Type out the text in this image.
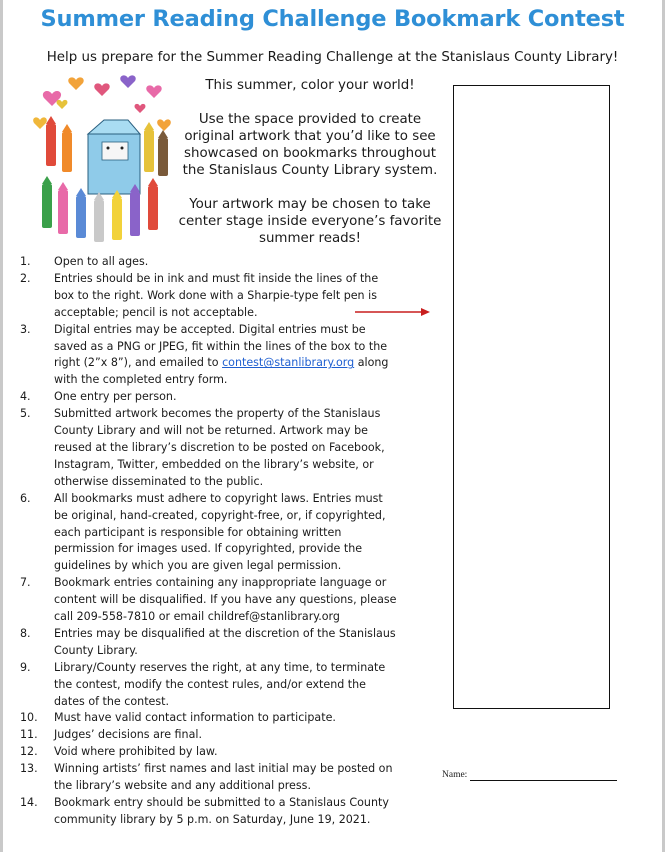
Summer Reading Challenge Bookmark Contest
Help us prepare for the Summer Reading Challenge at the Stanislaus County Library!

This summer, color your world!

Use the space provided to create original artwork that you’d like to see showcased on bookmarks throughout the Stanislaus County Library system.

Your artwork may be chosen to take center stage inside everyone’s favorite summer reads!

1.	Open to all ages.
2.	Entries should be in ink and must fit inside the lines of the box to the right. Work done with a Sharpie-type felt pen is acceptable; pencil is not acceptable.
3.	Digital entries may be accepted. Digital entries must be saved as a PNG or JPEG, fit within the lines of the box to the right (2”x 8”), and emailed to contest@stanlibrary.org along with the completed entry form.
4.	One entry per person.
5.	Submitted artwork becomes the property of the Stanislaus County Library and will not be returned. Artwork may be reused at the library’s discretion to be posted on Facebook, Instagram, Twitter, embedded on the library’s website, or otherwise disseminated to the public.
6.	All bookmarks must adhere to copyright laws. Entries must be original, hand-created, copyright-free, or, if copyrighted, each participant is responsible for obtaining written permission for images used. If copyrighted, provide the guidelines by which you are given legal permission.
7.	Bookmark entries containing any inappropriate language or content will be disqualified. If you have any questions, please call 209-558-7810 or email childref@stanlibrary.org
8.	Entries may be disqualified at the discretion of the Stanislaus County Library.
9.	Library/County reserves the right, at any time, to terminate the contest, modify the contest rules, and/or extend the dates of the contest.
10.	Must have valid contact information to participate.
11.	Judges’ decisions are final.
12.	Void where prohibited by law.
13.	Winning artists’ first names and last initial may be posted on the library’s website and any additional press.
14.	Bookmark entry should be submitted to a Stanislaus County community library by 5 p.m. on Saturday, June 19, 2021.
Name:
